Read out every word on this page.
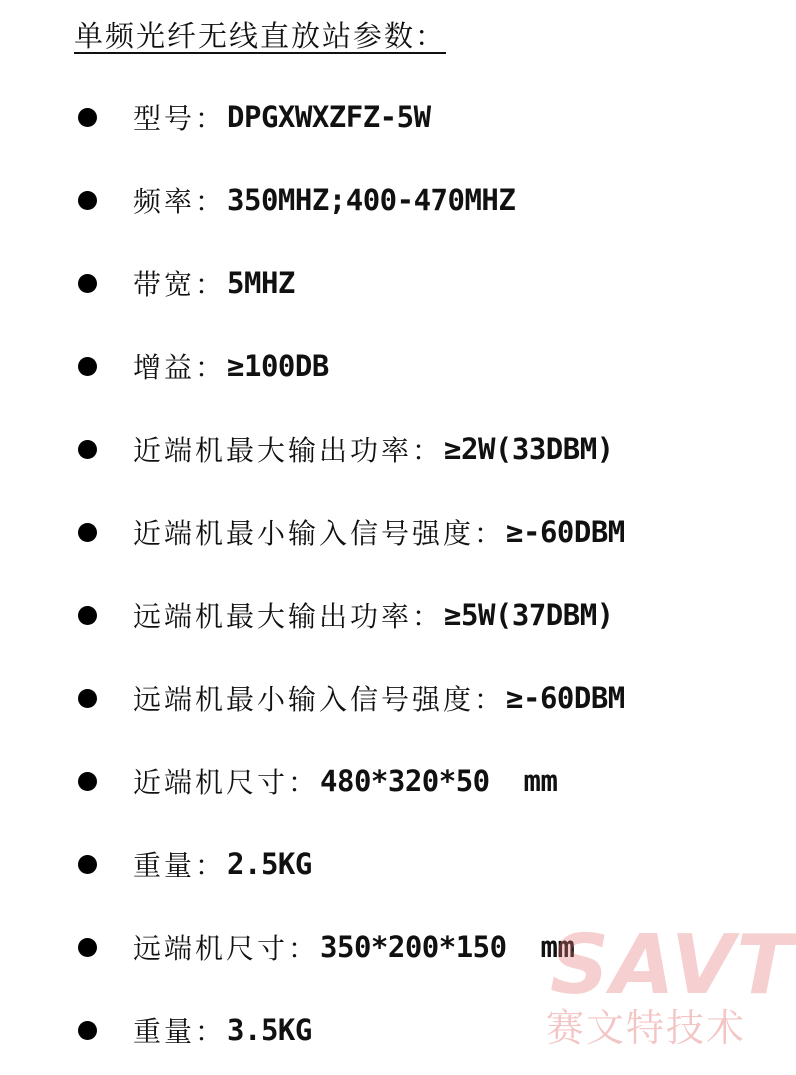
单频光纤无线直放站参数：
型号 ： DPGXWXZFZ-5W
频率 ： 350MHZ;400-470MHZ
带宽 ： 5MHZ
增益 ： ≥100DB
近端机最大输出功率 ： ≥2W(33DBM)
近端机最小输入信号强度 ： ≥-60DBM
远端机最大输出功率 ： ≥5W(37DBM)
远端机最小输入信号强度 ： ≥-60DBM
近端机尺寸 ： 480*320*50  mm
重量 ： 2.5KG
远端机尺寸 ： 350*200*150  mm
重量 ： 3.5KG
SAVT
赛文特技术
